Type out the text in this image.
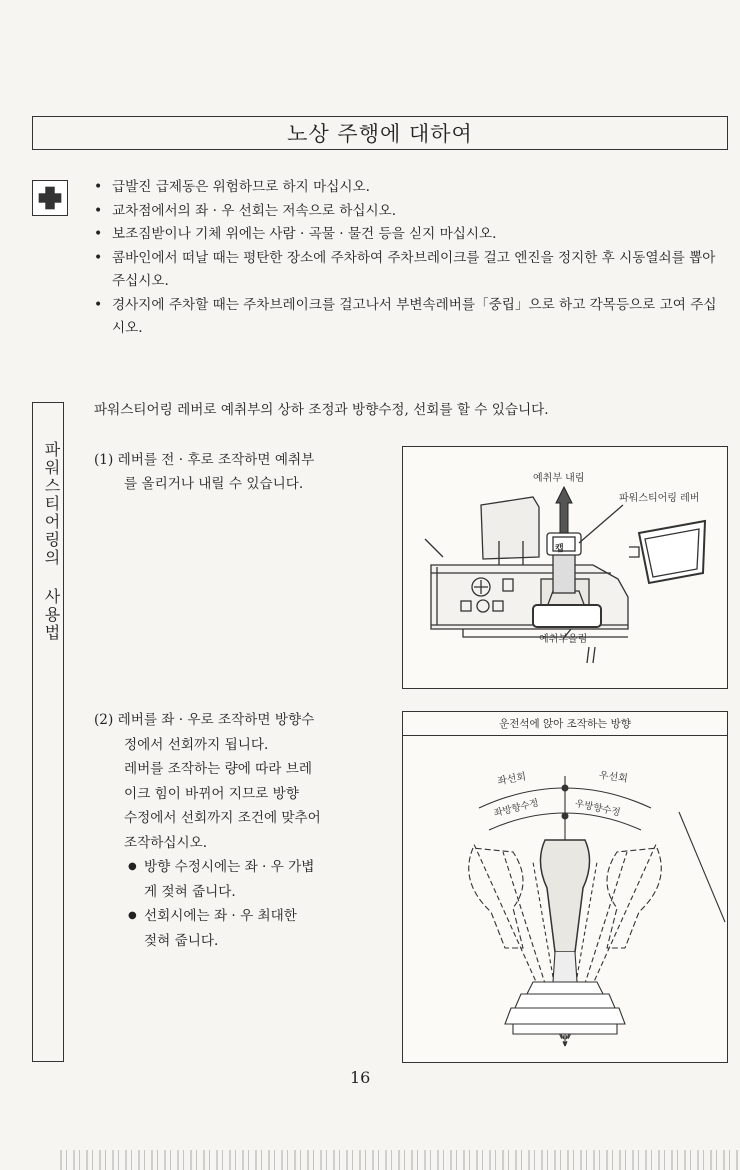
노상 주행에 대하여
• 급발진 급제동은 위험하므로 하지 마십시오.
• 교차점에서의 좌 · 우 선회는 저속으로 하십시오.
• 보조짐받이나 기체 위에는 사람 · 곡물 · 물건 등을 싣지 마십시오.
• 콤바인에서 떠날 때는 평탄한 장소에 주차하여 주차브레이크를 걸고 엔진을 정지한 후 시동열쇠를 뽑아 주십시오.
• 경사지에 주차할 때는 주차브레이크를 걸고나서 부변속레버를「중립」으로 하고 각목등으로 고여 주십시오.
파워스티어링의 사용법
파워스티어링 레버로 예취부의 상하 조정과 방향수정, 선회를 할 수 있습니다.
(1) 레버를 전 · 후로 조작하면 예취부
를 올리거나 내릴 수 있습니다.
(2) 레버를 좌 · 우로 조작하면 방향수
정에서 선회까지 됩니다.
레버를 조작하는 량에 따라 브레
이크 힘이 바뀌어 지므로 방향
수정에서 선회까지 조건에 맞추어
조작하십시오.
● 방향 수정시에는 좌 · 우 가볍
게 젖혀 줍니다.
● 선회시에는 좌 · 우 최대한
젖혀 줍니다.
예취부 내림
파워스티어링 레버
예취부올림
캡
운전석에 앉아 조작하는 방향
좌선회	우선회
좌방향수정	우방향수정
16
